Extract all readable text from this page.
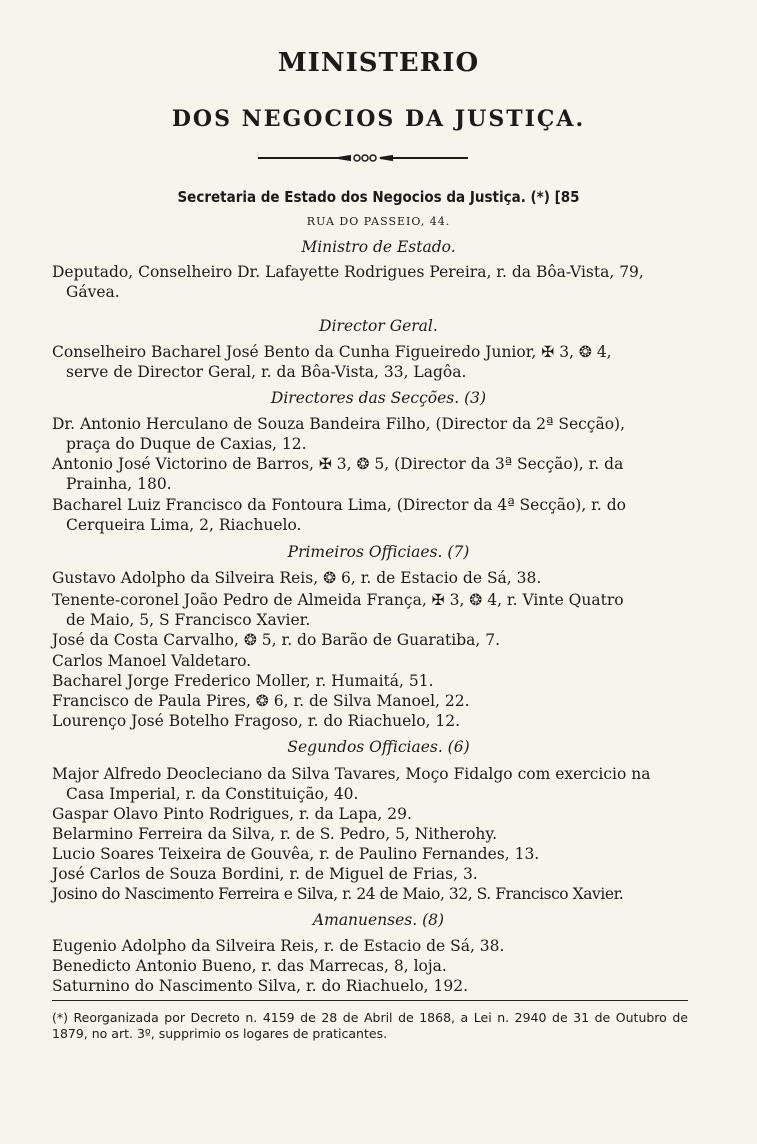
MINISTERIO
DOS NEGOCIOS DA JUSTIÇA.
Secretaria de Estado dos Negocios da Justiça. (*) [85
RUA DO PASSEIO, 44.
Ministro de Estado.
Deputado, Conselheiro Dr. Lafayette Rodrigues Pereira, r. da Bôa-Vista, 79,
Gávea.
Director Geral.
Conselheiro Bacharel José Bento da Cunha Figueiredo Junior, ✠ 3, ❂ 4,
serve de Director Geral, r. da Bôa-Vista, 33, Lagôa.
Directores das Secções. (3)
Dr. Antonio Herculano de Souza Bandeira Filho, (Director da 2ª Secção),
praça do Duque de Caxias, 12.
Antonio José Victorino de Barros, ✠ 3, ❂ 5, (Director da 3ª Secção), r. da
Prainha, 180.
Bacharel Luiz Francisco da Fontoura Lima, (Director da 4ª Secção), r. do
Cerqueira Lima, 2, Riachuelo.
Primeiros Officiaes. (7)
Gustavo Adolpho da Silveira Reis, ❂ 6, r. de Estacio de Sá, 38.
Tenente-coronel João Pedro de Almeida França, ✠ 3, ❂ 4, r. Vinte Quatro
de Maio, 5, S Francisco Xavier.
José da Costa Carvalho, ❂ 5, r. do Barão de Guaratiba, 7.
Carlos Manoel Valdetaro.
Bacharel Jorge Frederico Moller, r. Humaitá, 51.
Francisco de Paula Pires, ❂ 6, r. de Silva Manoel, 22.
Lourenço José Botelho Fragoso, r. do Riachuelo, 12.
Segundos Officiaes. (6)
Major Alfredo Deocleciano da Silva Tavares, Moço Fidalgo com exercicio na
Casa Imperial, r. da Constituição, 40.
Gaspar Olavo Pinto Rodrigues, r. da Lapa, 29.
Belarmino Ferreira da Silva, r. de S. Pedro, 5, Nitherohy.
Lucio Soares Teixeira de Gouvêa, r. de Paulino Fernandes, 13.
José Carlos de Souza Bordini, r. de Miguel de Frias, 3.
Josino do Nascimento Ferreira e Silva, r. 24 de Maio, 32, S. Francisco Xavier.
Amanuenses. (8)
Eugenio Adolpho da Silveira Reis, r. de Estacio de Sá, 38.
Benedicto Antonio Bueno, r. das Marrecas, 8, loja.
Saturnino do Nascimento Silva, r. do Riachuelo, 192.
(*) Reorganizada por Decreto n. 4159 de 28 de Abril de 1868, a Lei n. 2940 de 31 de Outubro de 1879, no art. 3º, supprimio os logares de praticantes.
